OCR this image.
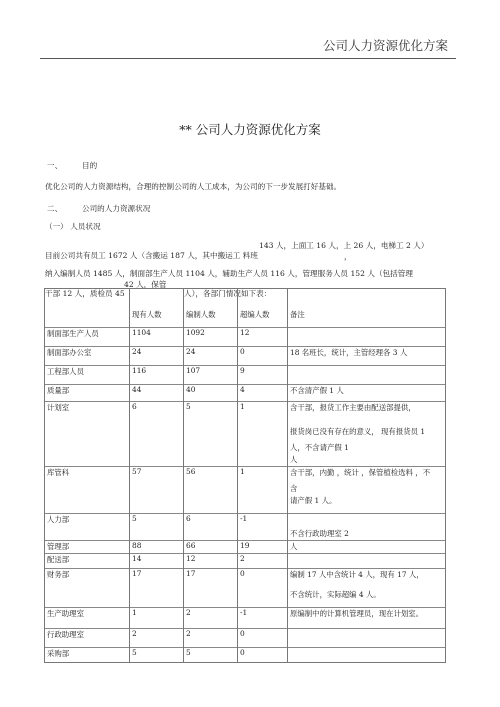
公司人力资源优化方案
** 公司人力资源优化方案
一、	目的
优化公司的人力资源结构，合理的控制公司的人工成本，为公司的下一步发展打好基础。
二、	公司的人力资源状况
（一） 人员状况
143 人，上面工 16 人，上 26 人，电梯工 2 人）
目前公司共有员工 1672 人（含搬运 187 人，其中搬运工 料班	，
纳入编制人员 1485 人，制面部生产人员 1104 人，辅助生产人员 116 人，管理服务人员 152 人（包括管理
42 人，保管
干部 12 人，质检员 45	人），各部门情况如下表：
	现有人数	编制人数	超编人数	备注
制面部生产人员	1104	1092	12	
制面部办公室	24	24	0	18 名班长，统计，主管经理各 3 人
工程部人员	116	107	9	
质量部	44	40	4	不含清产假 1 人
计划室	6	5	1	含干部，报货工作主要由配送部提供，
				报货岗已没有存在的意义， 现有报货员 1
				人，不含请产假 1
				人
库管科	57	56	1	含干部，内勤 ，统计 ，保管植检选料 ，不
				含
				请产假 1 人。
人力部	5	6	-1	
				不含行政助理室 2
管理部	88	66	19	人
配送部	14	12	2	
财务部	17	17	0	编制 17 人中含统计 4 人，现有 17 人，
				不含统计，实际超编 4 人。
生产助理室	1	2	-1	原编制中的计算机管理员，现在计划室。
行政助理室	2	2	0	
采购部	5	5	0	
